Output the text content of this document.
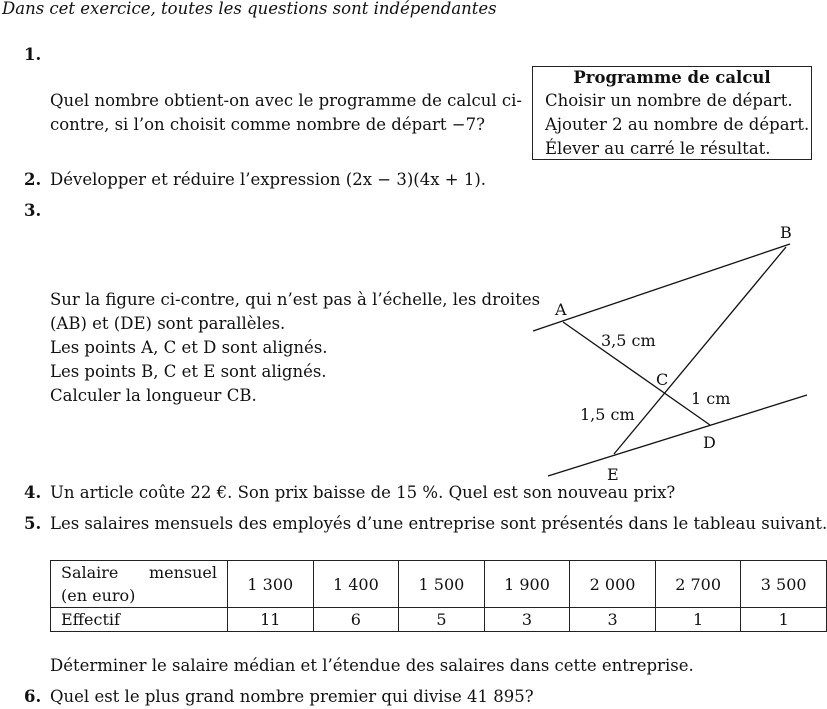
Dans cet exercice, toutes les questions sont indépendantes
1.
Quel nombre obtient-on avec le programme de calcul ci-
contre, si l’on choisit comme nombre de départ −7?
Programme de calcul
Choisir un nombre de départ.
Ajouter 2 au nombre de départ.
Élever au carré le résultat.
2. Développer et réduire l’expression (2x − 3)(4x + 1).
3.
Sur la figure ci-contre, qui n’est pas à l’échelle, les droites
(AB) et (DE) sont parallèles.
Les points A, C et D sont alignés.
Les points B, C et E sont alignés.
Calculer la longueur CB.
B
A
C
D
E
3,5 cm
1 cm
1,5 cm
4. Un article coûte 22 €. Son prix baisse de 15 %. Quel est son nouveau prix?
5. Les salaires mensuels des employés d’une entreprise sont présentés dans le tableau suivant.
Salaire mensuel
(en euro)	1 300	1 400	1 500	1 900	2 000	2 700	3 500
Effectif	11	6	5	3	3	1	1
Déterminer le salaire médian et l’étendue des salaires dans cette entreprise.
6. Quel est le plus grand nombre premier qui divise 41 895?
